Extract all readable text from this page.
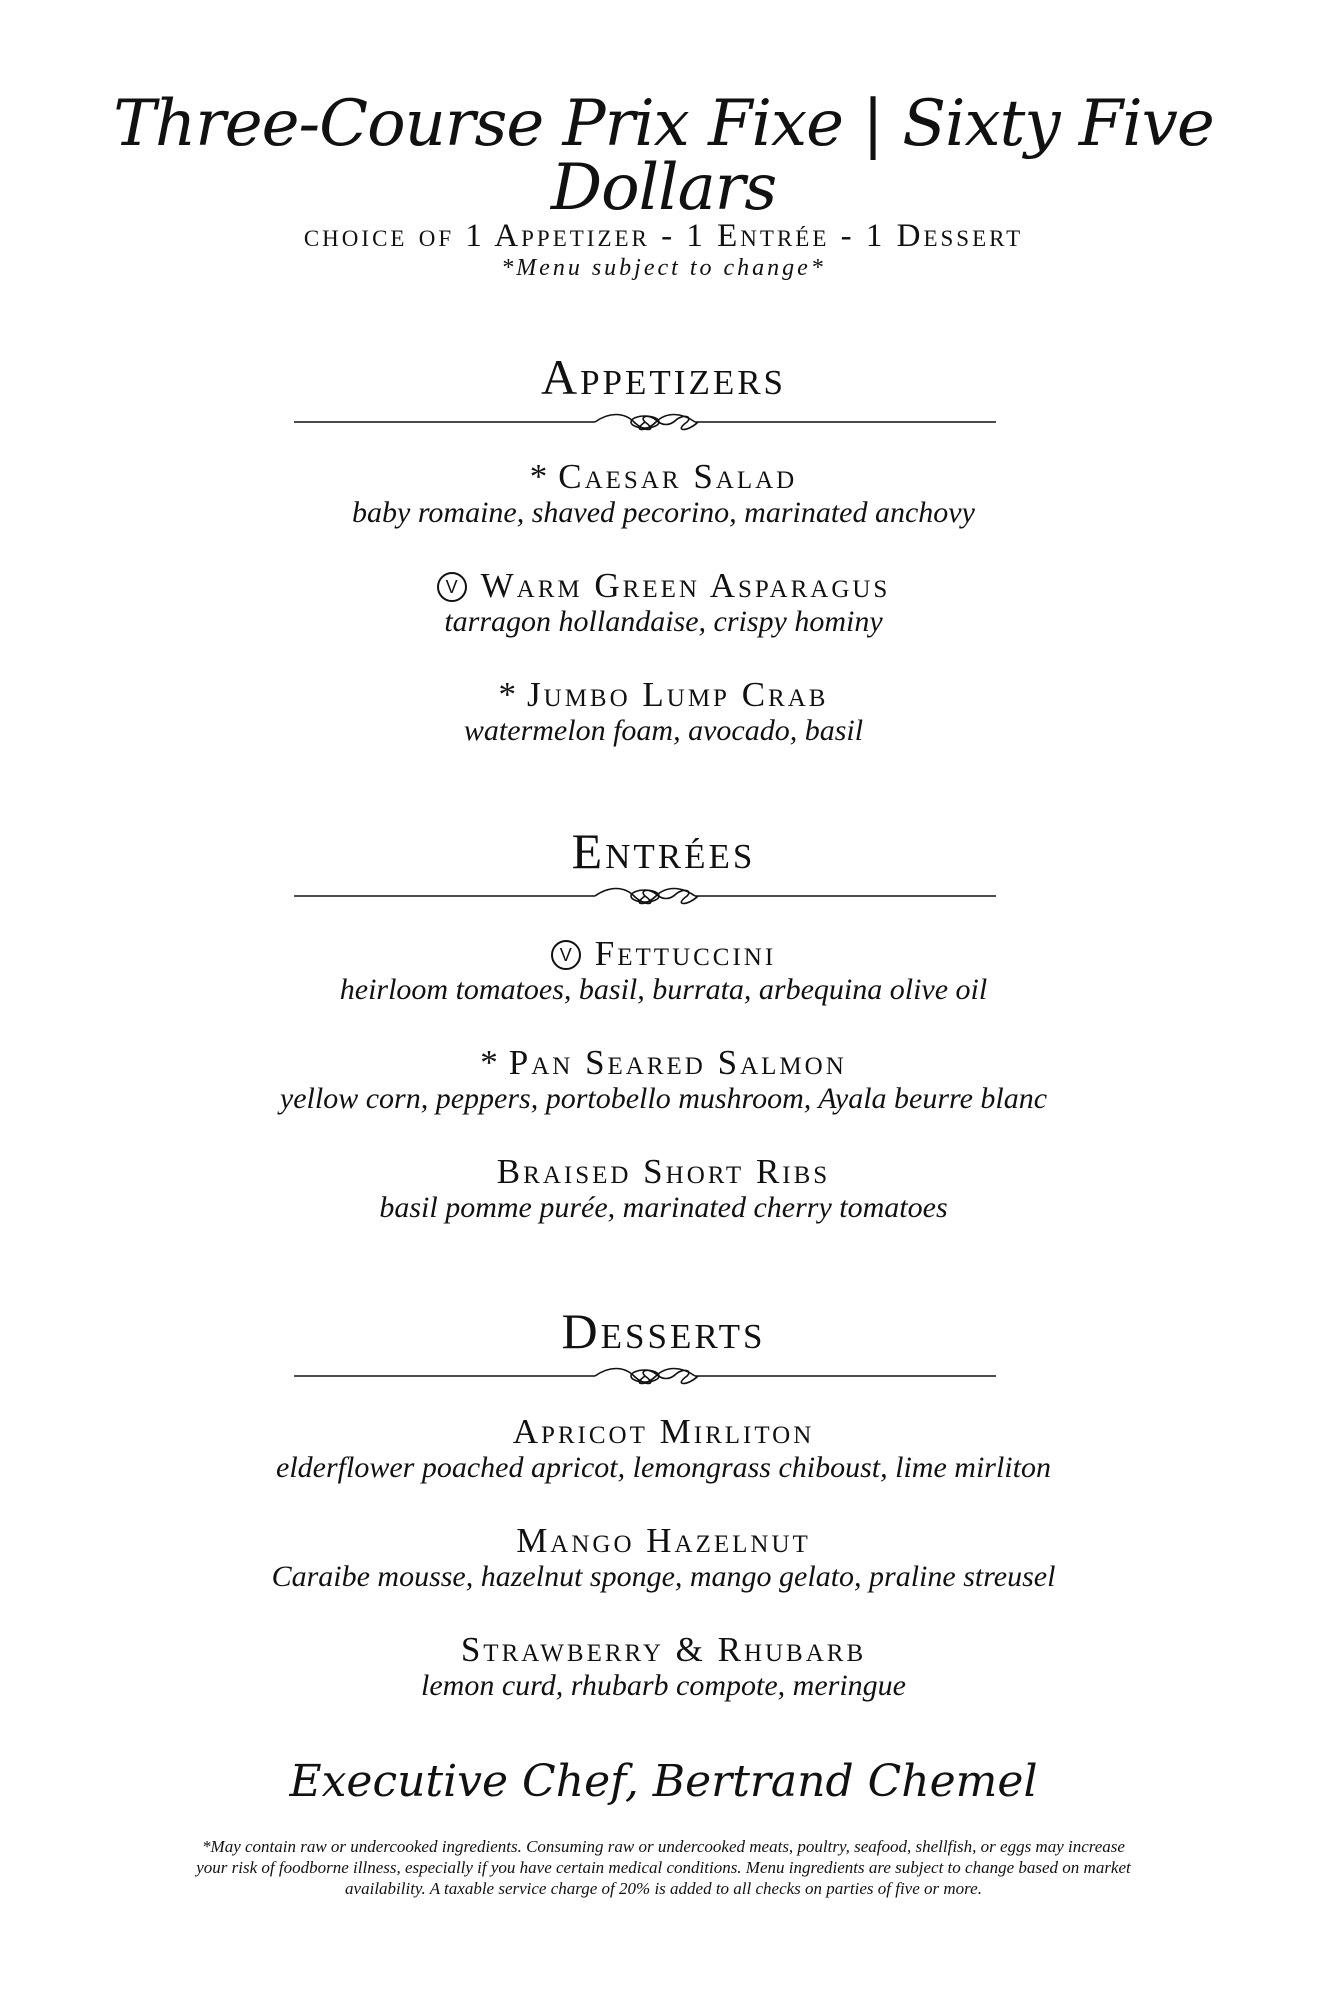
Three-Course Prix Fixe | Sixty Five Dollars
choice of 1 Appetizer - 1 Entrée - 1 Dessert
*Menu subject to change*
Appetizers
* Caesar Salad
baby romaine, shaved pecorino, marinated anchovy
V Warm Green Asparagus
tarragon hollandaise, crispy hominy
* Jumbo Lump Crab
watermelon foam, avocado, basil
Entrées
V Fettuccini
heirloom tomatoes, basil, burrata, arbequina olive oil
* Pan Seared Salmon
yellow corn, peppers, portobello mushroom, Ayala beurre blanc
Braised Short Ribs
basil pomme purée, marinated cherry tomatoes
Desserts
Apricot Mirliton
elderflower poached apricot, lemongrass chiboust, lime mirliton
Mango Hazelnut
Caraibe mousse, hazelnut sponge, mango gelato, praline streusel
Strawberry & Rhubarb
lemon curd, rhubarb compote, meringue
Executive Chef, Bertrand Chemel
*May contain raw or undercooked ingredients. Consuming raw or undercooked meats, poultry, seafood, shellfish, or eggs may increase
your risk of foodborne illness, especially if you have certain medical conditions. Menu ingredients are subject to change based on market
availability. A taxable service charge of 20% is added to all checks on parties of five or more.
